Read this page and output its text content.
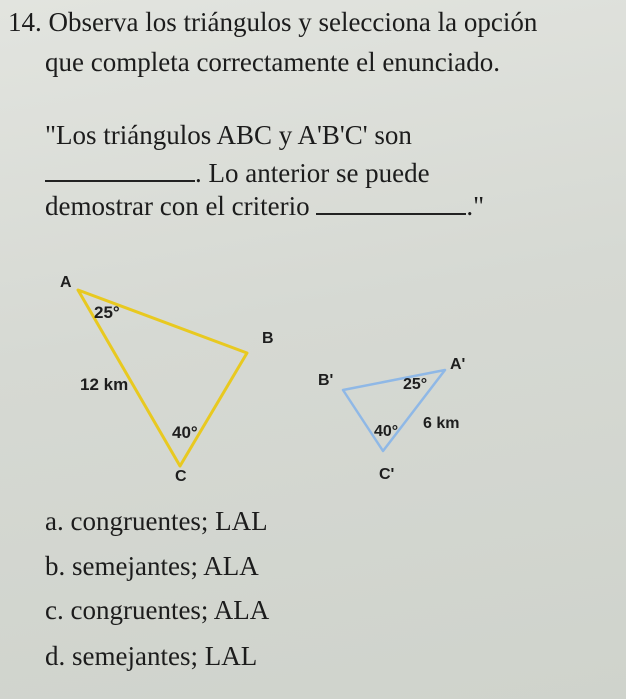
14. Observa los triángulos y selecciona la opción
que completa correctamente el enunciado.
"Los triángulos ABC y A'B'C' son
. Lo anterior se puede
demostrar con el criterio	."
A
B
C
25°
40°
12 km
A'
B'
C'
25°
40° 6 km
a. congruentes; LAL
b. semejantes; ALA
c. congruentes; ALA
d. semejantes; LAL
